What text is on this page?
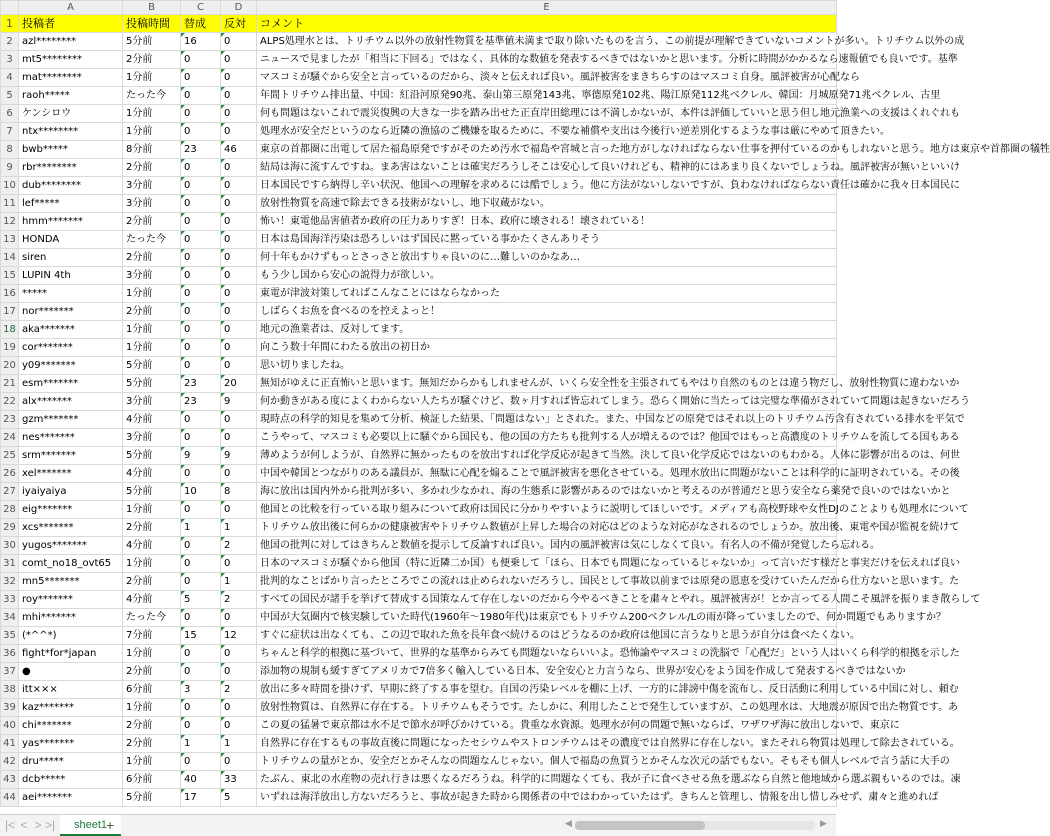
	A	B	C	D	E
1	投稿者	投稿時間	替成	反対	コメント
2	azl********	5分前	16	0	ALPS処理水とは、トリチウム以外の放射性物質を基準値未満まで取り除いたものを言う、この前提が理解できていないコメントが多い。トリチウム以外の成
3	mt5********	2分前	0	0	ニュースで見ましたが「相当に下回る」ではなく、具体的な数値を発表するべきではないかと思います。分析に時間がかかるなら速報値でも良いです。基準
4	mat********	1分前	0	0	マスコミが騒ぐから安全と言っているのだから、淡々と伝えれば良い。風評被害をまきちらすのはマスコミ自身。風評被害が心配なら
5	raoh*****	たった今	0	0	年間トリチウム排出量、中国：紅沿河原発90兆、泰山第三原発143兆、寧德原発102兆、陽江原発112兆ベクレル、韓国：月城原発71兆ベクレル、古里
6	ケンシロウ	1分前	0	0	何も問題はないこれで震災復興の大きな一歩を踏み出せた正直岸田総理には不満しかないが、本件は評価していいと思う但し地元漁業への支援はくれぐれも
7	ntx********	1分前	0	0	処理水が安全だというのなら近隣の漁協のご機嫌を取るために、不要な補償や支出は今後行い逆差別化するような事は厳にやめて頂きたい。
8	bwb*****	8分前	23	46	東京の首都圏に出電して居た福島原発ですがそのため汚水で福島や宮城と言った地方がしなければならない仕事を押付ているのかもしれないと思う。地方は東京や首都圏の犠牲
9	rbr********	2分前	0	0	結局は海に流すんですね。まあ害はないことは確実だろうしそこは安心して良いけれども、精神的にはあまり良くないでしょうね。風評被害が無いといいけ
10	dub********	3分前	0	0	日本国民ですら納得し辛い状況、他国への理解を求めるには酷でしょう。他に方法がないしないですが、負わなければならない責任は確かに我々日本国民に
11	lef*****	3分前	0	0	放射性物質を高速で除去できる技術がないし、地下収蔵がない。
12	hmm*******	2分前	0	0	怖い！東電他品害値者か政府の圧力ありすぎ！日本、政府に壊される！壊されている！
13	HONDA	たった今	0	0	日本は島国海洋汚染は恐ろしいはず国民に黙っている事かたくさんありそう
14	siren	2分前	0	0	何十年もかけずもっとさっさと放出すりゃ良いのに…難しいのかなあ…
15	LUPIN 4th	3分前	0	0	もう少し国から安心の説得力が欲しい。
16	*****	1分前	0	0	東電が津波対策してればこんなことにはならなかった
17	nor*******	2分前	0	0	しばらくお魚を食べるのを控えよっと！
18	aka*******	1分前	0	0	地元の漁業者は、反対してます。
19	cor*******	1分前	0	0	向こう数十年間にわたる放出の初日か
20	y09*******	5分前	0	0	思い切りましたね。
21	esm*******	5分前	23	20	無知がゆえに正直怖いと思います。無知だからかもしれませんが、いくら安全性を主張されてもやはり自然のものとは違う物だし、放射性物質に違わないか
22	alx*******	3分前	23	9	何か動きがある度によくわからない人たちが騒ぐけど、数ヶ月すれば皆忘れてしまう。恐らく開始に当たっては完璧な準備がされていて問題は起きないだろう
23	gzm*******	4分前	0	0	現時点の科学的知見を集めて分析、検証した結果、「問題はない」とされた。また、中国などの原発ではそれ以上のトリチウム汚含有されている排水を平気で
24	nes*******	3分前	0	0	こうやって、マスコミも必要以上に騒ぐから国民も、他の国の方たちも批判する人が増えるのでは？他国ではもっと高濃度のトリチウムを流してる国もある
25	srm*******	5分前	9	9	薄めようが何しようが、自然界に無かったものを放出すれば化学反応が起きて当然。決して良い化学反応ではないのもわかる。人体に影響が出るのは、何世
26	xel*******	4分前	0	0	中国や韓国とつながりのある議員が、無駄に心配を煽ることで風評被害を悪化させている。処理水放出に問題がないことは科学的に証明されている。その後
27	iyaiyaiya	5分前	10	8	海に放出は国内外から批判が多い、多かれ少なかれ、海の生態系に影響があるのではないかと考えるのが普通だと思う安全なら薬発で良いのではないかと
28	eig*******	1分前	0	0	他国との比較を行っている取り組みについて政府は国民に分かりやすいように説明してほしいです。メディアも高校野球や女性DJのことよりも処理水について
29	xcs*******	2分前	1	1	トリチウム放出後に何らかの健康被害やトリチウム数値が上昇した場合の対応はどのような対応がなされるのでしょうか。放出後、東電や国が監視を続けて
30	yugos*******	4分前	0	2	他国の批判に対してはきちんと数値を提示して反論すれば良い。国内の風評被害は気にしなくて良い。有名人の不備が発覚したら忘れる。
31	comt_no18_ovt65	1分前	0	0	日本のマスコミが騒ぐから他国（特に近隣二か国）も便乗して「ほら、日本でも問題になっているじゃないか」って言いだす様だと事実だけを伝えれば良い
32	mn5*******	2分前	0	1	批判的なことばかり言ったところでこの流れは止められないだろうし、国民として事故以前までは原発の恩恵を受けていたんだから仕方ないと思います。た
33	roy*******	4分前	5	2	すべての国民が諸手を挙げて替成する国策なんて存在しないのだから今やるべきことを粛々とやれ。風評被害が！とか言ってる人間こそ風評を振りまき散らして
34	mhi*******	たった今	0	0	中国が大気圏内で核実験していた時代(1960年～1980年代)は東京でもトリチウム200ベクレル/Lの雨が降っていましたので、何か問題でもありますか？
35	(*^^*)	7分前	15	12	すぐに症状は出なくても、この辺で取れた魚を長年食べ続けるのはどうなるのか政府は他国に言うなりと思うが自分は食べたくない。
36	fight*for*japan	1分前	0	0	ちゃんと科学的根拠に基づいて、世界的な基準からみても問題ないならいいよ。恐怖論やマスコミの洗脳で「心配だ」という人はいくら科学的根拠を示した
37	●	2分前	0	0	添加物の規制も緩すぎてアメリカで7倍多く輸入している日本、安全安心と力言うなら、世界が安心をよう国を作成して発表するべきではないか
38	itt×××	6分前	3	2	放出に多々時間を掛けず、早期に終了する事を望む。自国の汚染レベルを棚に上げ、一方的に誹謗中傷を流布し、反日活動に利用している中国に対し、頼む
39	kaz*******	1分前	0	0	放射性物質は、自然界に存在する。トリチウムもそうです。たしかに、利用したことで発生していますが、この処理水は、大地震が原因で出た物質です。あ
40	chi*******	2分前	0	0	この夏の猛暑で東京都は水不足で節水が呼びかけている。貴重な水資源。処理水が何の問題で無いならば、ワザワザ海に放出しないで、東京に
41	yas*******	2分前	1	1	自然界に存在するもの事故直後に問題になったセシウムやストロンチウムはその濃度では自然界に存在しない。またそれら物質は処理して除去されている。
42	dru*****	1分前	0	0	トリチウムの量がとか、安全だとかそんなの問題なんじゃない。個人で福島の魚買うとかそんな次元の話でもない。そもそも個人レベルで言う話に大手の
43	dcb*****	6分前	40	33	たぶん、東北の水産物の売れ行きは悪くなるだろうね。科学的に問題なくても、我が子に食べさせる魚を選ぶなら自然と他地域から選ぶ親もいるのでは。凍
44	aei*******	5分前	17	5	いずれは海洋放出し方ないだろうと、事故が起きた時から関係者の中ではわかっていたはず。きちんと管理し、情報を出し惜しみせず、粛々と進めれば
|< < > >|	sheet1
+	◀	▶
